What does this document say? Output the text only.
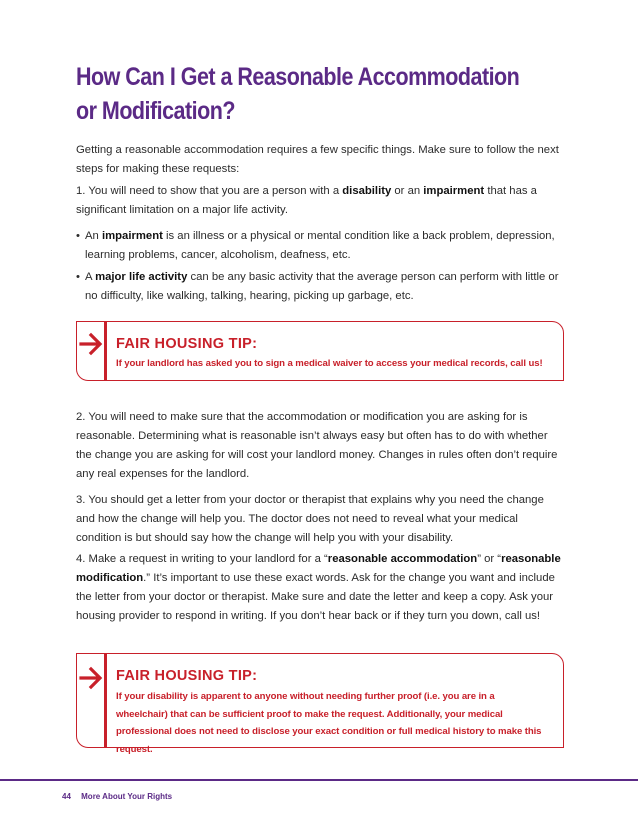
How Can I Get a Reasonable Accommodation
or Modification?

Getting a reasonable accommodation requires a few specific things. Make sure to follow the next steps for making these requests:

1. You will need to show that you are a person with a disability or an impairment that has a significant limitation on a major life activity.

• An impairment is an illness or a physical or mental condition like a back problem, depression, learning problems, cancer, alcoholism, deafness, etc.

• A major life activity can be any basic activity that the average person can perform with little or no difficulty, like walking, talking, hearing, picking up garbage, etc.

FAIR HOUSING TIP:

If your landlord has asked you to sign a medical waiver to access your medical records, call us!

2. You will need to make sure that the accommodation or modification you are asking for is reasonable. Determining what is reasonable isn’t always easy but often has to do with whether the change you are asking for will cost your landlord money. Changes in rules often don’t require any real expenses for the landlord.

3. You should get a letter from your doctor or therapist that explains why you need the change and how the change will help you. The doctor does not need to reveal what your medical condition is but should say how the change will help you with your disability.

4. Make a request in writing to your landlord for a “reasonable accommodation” or “reasonable modification.” It’s important to use these exact words. Ask for the change you want and include the letter from your doctor or therapist. Make sure and date the letter and keep a copy. Ask your housing provider to respond in writing. If you don’t hear back or if they turn you down, call us!

FAIR HOUSING TIP:

If your disability is apparent to anyone without needing further proof (i.e. you are in a wheelchair) that can be sufficient proof to make the request. Additionally, your medical professional does not need to disclose your exact condition or full medical history to make this request.

44 More About Your Rights
